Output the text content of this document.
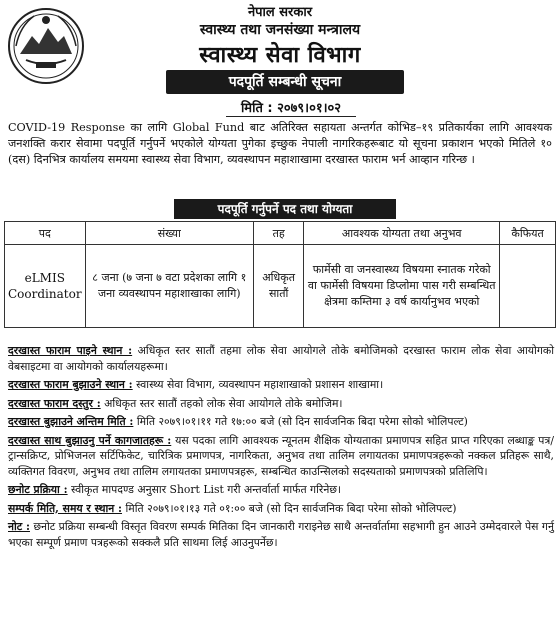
नेपाल सरकार
स्वास्थ्य तथा जनसंख्या मन्त्रालय
स्वास्थ्य सेवा विभाग
पदपूर्ति सम्बन्धी सूचना
मिति : २०७९।०१।०२
COVID-19 Response का लागि Global Fund बाट अतिरिक्त सहायता अन्तर्गत कोभिड–१९ प्रतिकार्यका लागि आवश्यक जनशक्ति करार सेवामा पदपूर्ति गर्नुपर्ने भएकोले योग्यता पुगेका इच्छुक नेपाली नागरिकहरूबाट यो सूचना प्रकाशन भएको मितिले १० (दस) दिनभित्र कार्यालय समयमा स्वास्थ्य सेवा विभाग, व्यवस्थापन महाशाखामा दरखास्त फाराम भर्न आव्हान गरिन्छ ।
पदपूर्ति गर्नुपर्ने पद तथा योग्यता
पद	संख्या	तह	आवश्यक योग्यता तथा अनुभव	कैफियत
eLMIS Coordinator	८ जना (७ जना ७ वटा प्रदेशका लागि १ जना व्यवस्थापन महाशाखाका लागि)	अधिकृत सातौं	फार्मेसी वा जनस्वास्थ्य विषयमा स्नातक गरेको वा फार्मेसी विषयमा डिप्लोमा पास गरी सम्बन्धित क्षेत्रमा कम्तिमा ३ वर्ष कार्यानुभव भएको	
दरखास्त फाराम पाइने स्थान : अधिकृत स्तर सातौं तहमा लोक सेवा आयोगले तोके बमोजिमको दरखास्त फाराम लोक सेवा आयोगको वेबसाइटमा वा आयोगको कार्यालयहरूमा।
दरखास्त फाराम बुझाउने स्थान : स्वास्थ्य सेवा विभाग, व्यवस्थापन महाशाखाको प्रशासन शाखामा।
दरखास्त फाराम दस्तुर : अधिकृत स्तर सातौं तहको लोक सेवा आयोगले तोके बमोजिम।
दरखास्त बुझाउने अन्तिम मिति : मिति २०७९।०१।११ गते १७:०० बजे (सो दिन सार्वजनिक बिदा परेमा सोको भोलिपल्ट)
दरखास्त साथ बुझाउनु पर्ने कागजातहरू : यस पदका लागि आवश्यक न्यूनतम शैक्षिक योग्यताका प्रमाणपत्र सहित प्राप्त गरिएका लब्धाङ्क पत्र/ट्रान्सक्रिप्ट, प्रोभिजनल सर्टिफिकेट, चारित्रिक प्रमाणपत्र, नागरिकता, अनुभव तथा तालिम लगायतका प्रमाणपत्रहरूको नक्कल प्रतिहरू साथै, व्यक्तिगत विवरण, अनुभव तथा तालिम लगायतका प्रमाणपत्रहरू, सम्बन्धित काउन्सिलको सदस्यताको प्रमाणपत्रको प्रतिलिपि।
छनोट प्रक्रिया : स्वीकृत मापदण्ड अनुसार Short List गरी अन्तर्वार्ता मार्फत गरिनेछ।
सम्पर्क मिति, समय र स्थान : मिति २०७९।०१।१३ गते ०१:०० बजे (सो दिन सार्वजनिक बिदा परेमा सोको भोलिपल्ट)
नोट : छनोट प्रक्रिया सम्बन्धी विस्तृत विवरण सम्पर्क मितिका दिन जानकारी गराइनेछ साथै अन्तर्वार्तामा सहभागी हुन आउने उम्मेदवारले पेस गर्नु भएका सम्पूर्ण प्रमाण पत्रहरूको सक्कलै प्रति साथमा लिई आउनुपर्नेछ।
